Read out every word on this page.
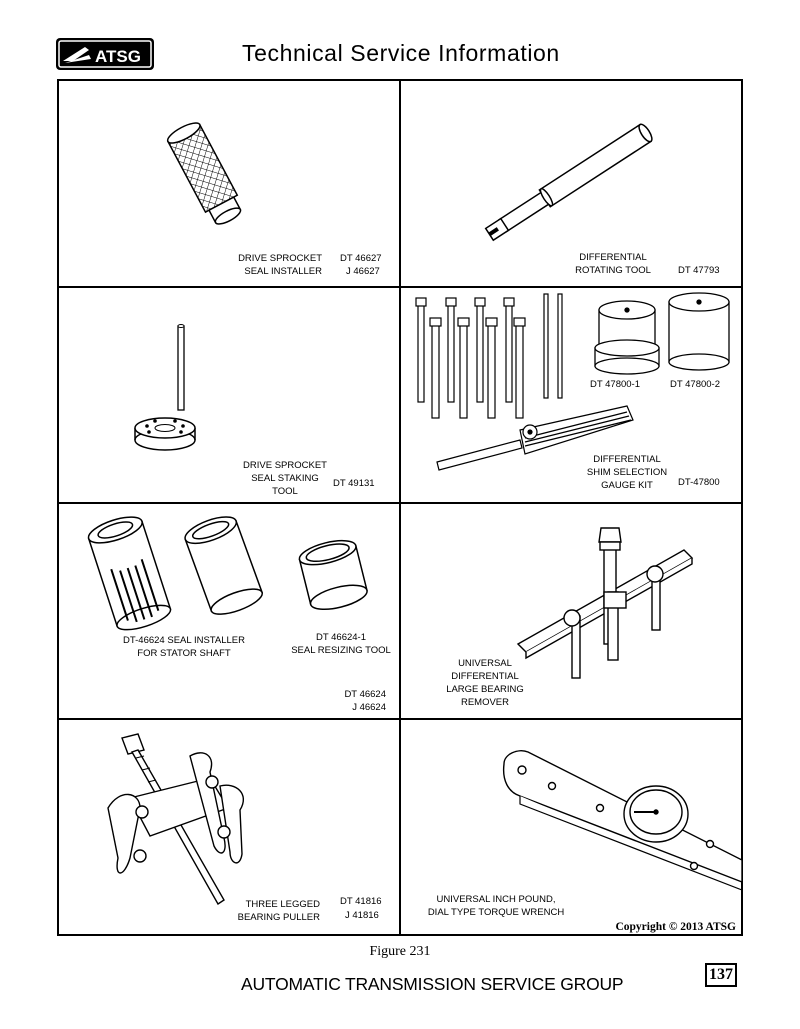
ATSG	Technical Service Information
DRIVE SPROCKET
SEAL INSTALLER
DT 46627
J 46627
DIFFERENTIAL
ROTATING TOOL	DT 47793
DRIVE SPROCKET
SEAL STAKING
TOOL
DT 49131
DT 47800-1	DT 47800-2
DIFFERENTIAL
SHIM SELECTION
GAUGE KIT	DT-47800
DT-46624 SEAL INSTALLER
FOR STATOR SHAFT
DT 46624-1
SEAL RESIZING TOOL
DT 46624
J 46624
UNIVERSAL
DIFFERENTIAL
LARGE BEARING
REMOVER
THREE LEGGED
BEARING PULLER
DT 41816
J 41816
UNIVERSAL INCH POUND,
DIAL TYPE TORQUE WRENCH
Copyright © 2013 ATSG
Figure 231
AUTOMATIC TRANSMISSION SERVICE GROUP	137
